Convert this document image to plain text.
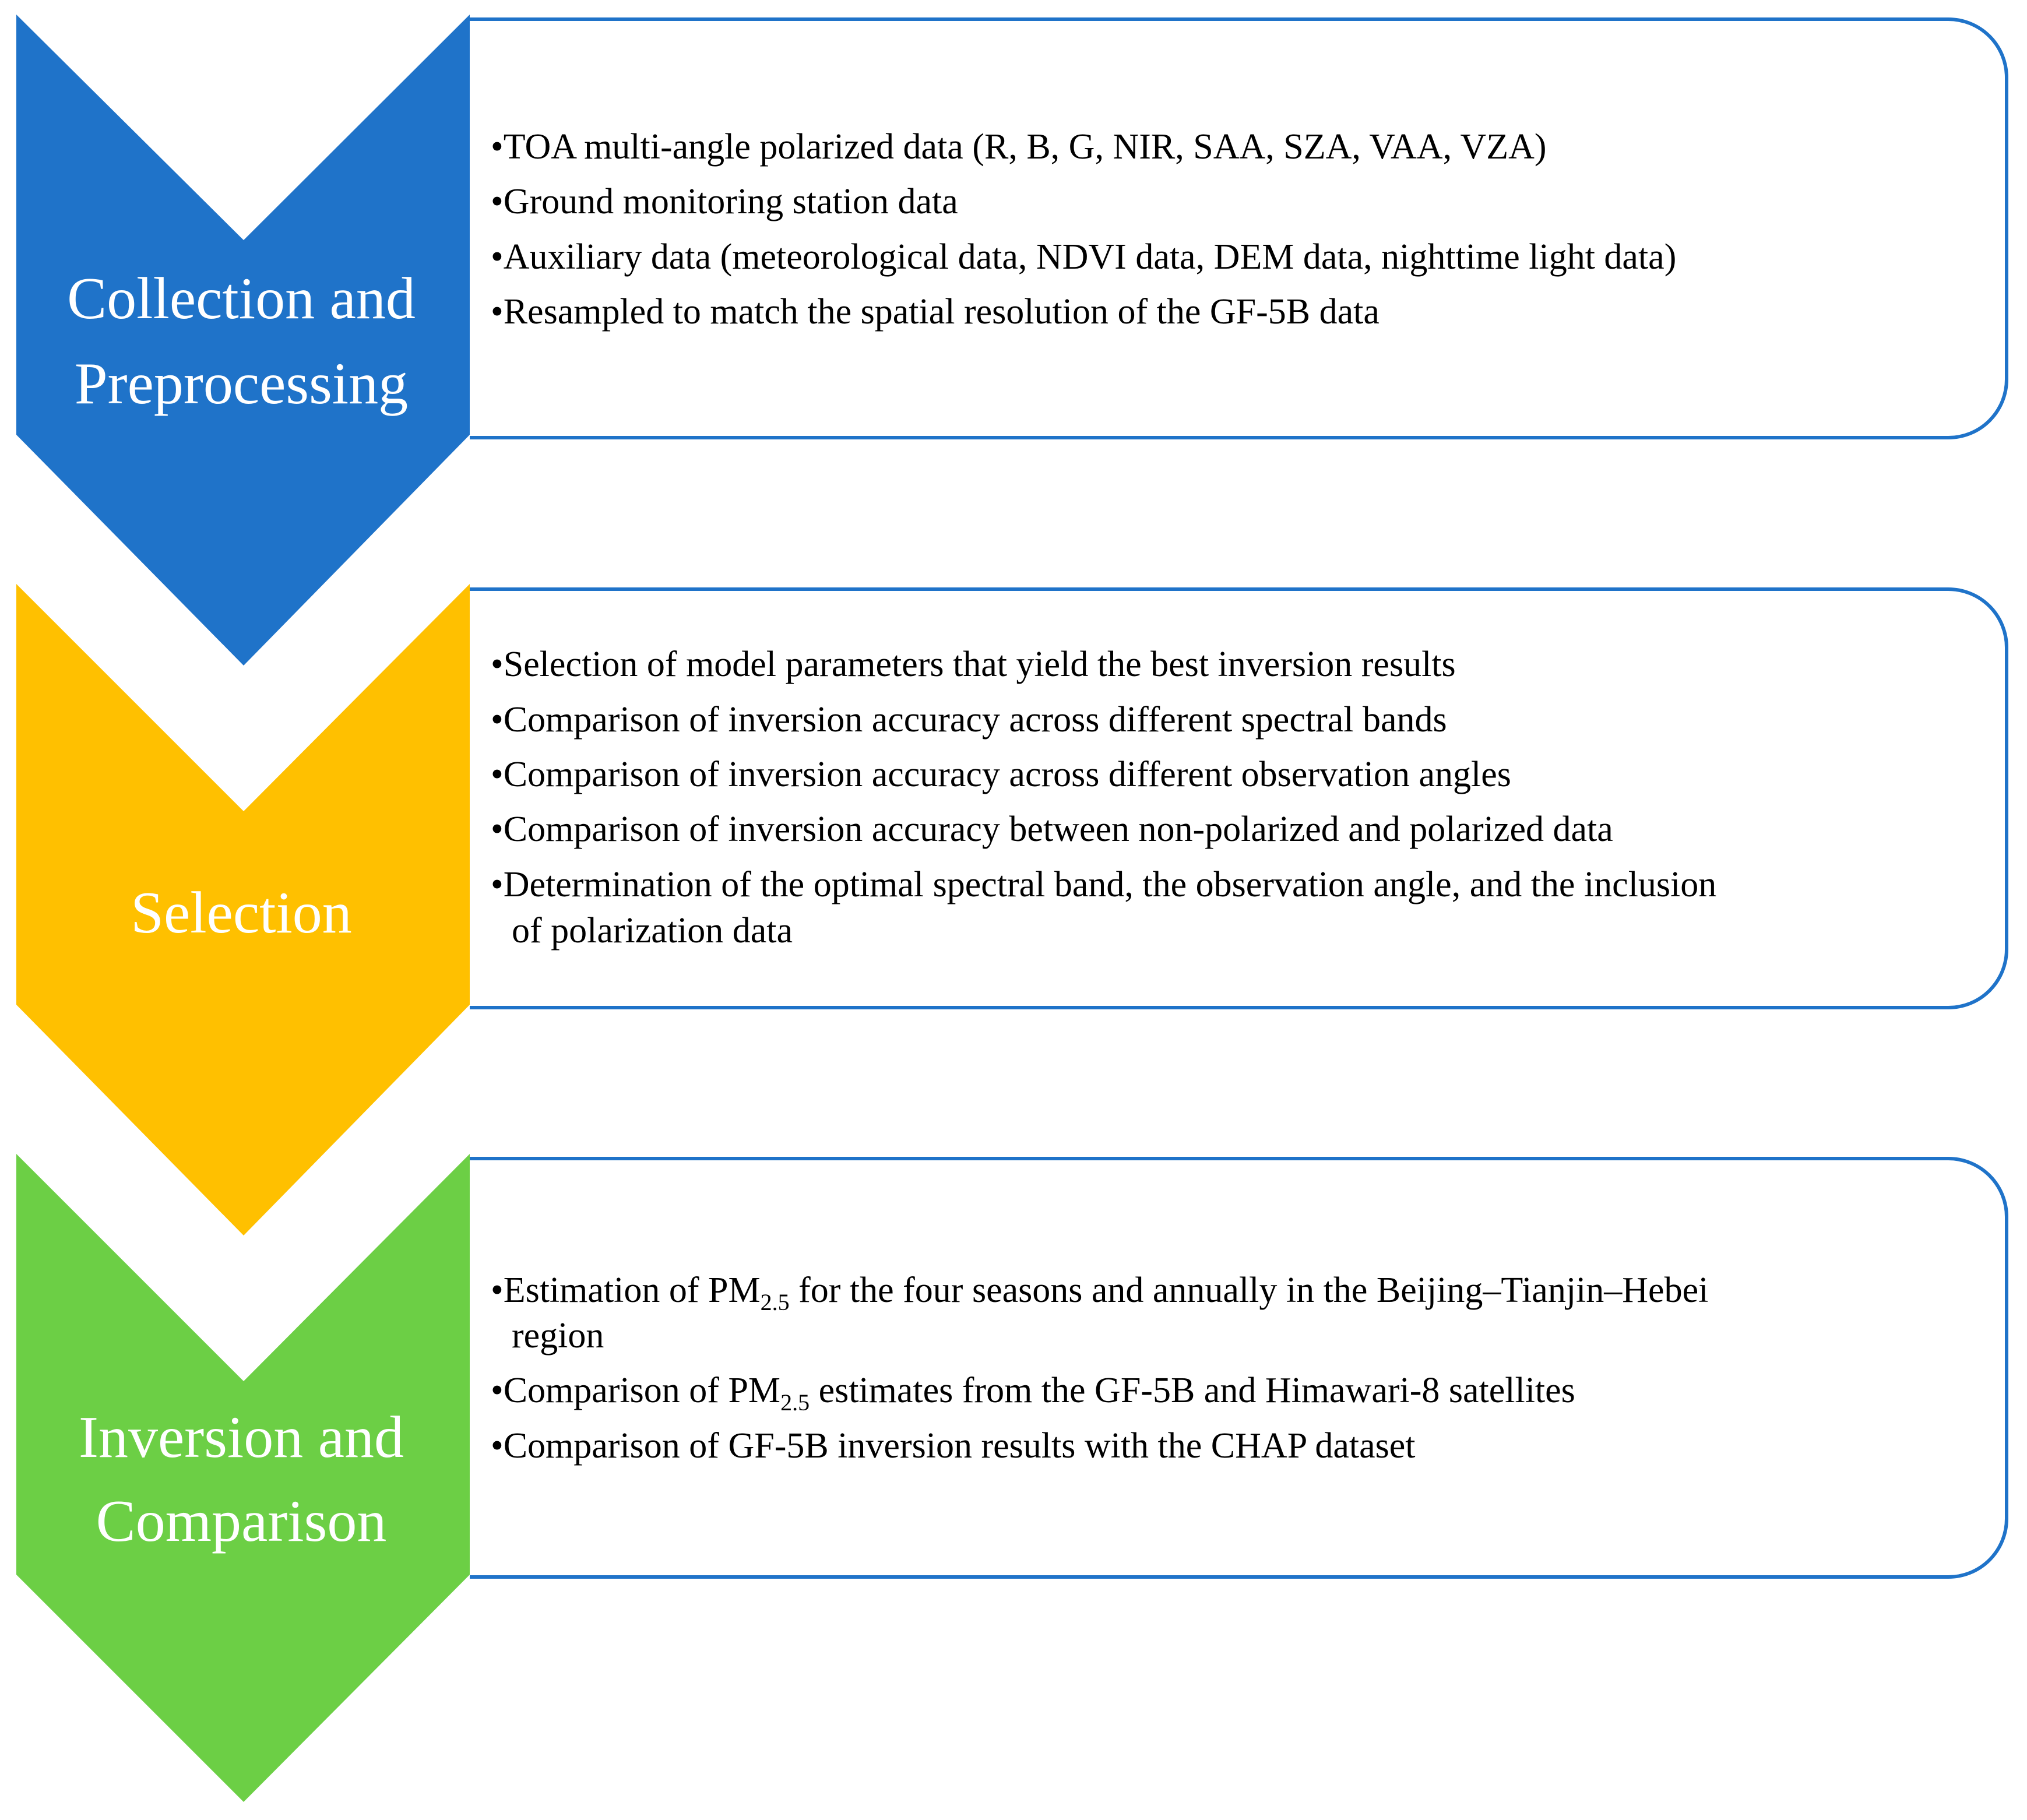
Collection and
Preprocessing
•TOA multi-angle polarized data (R, B, G, NIR, SAA, SZA, VAA, VZA)
•Ground monitoring station data
•Auxiliary data (meteorological data, NDVI data, DEM data, nighttime light data)
•Resampled to match the spatial resolution of the GF-5B data
Selection
•Selection of model parameters that yield the best inversion results
•Comparison of inversion accuracy across different spectral bands
•Comparison of inversion accuracy across different observation angles
•Comparison of inversion accuracy between non-polarized and polarized data
•Determination of the optimal spectral band, the observation angle, and the inclusion
of polarization data
Inversion and
Comparison
•Estimation of $PM_{2.5}$ for the four seasons and annually in the Beijing–Tianjin–Hebei
region
•Comparison of $PM_{2.5}$ estimates from the GF-5B and Himawari-8 satellites
•Comparison of GF-5B inversion results with the CHAP dataset
